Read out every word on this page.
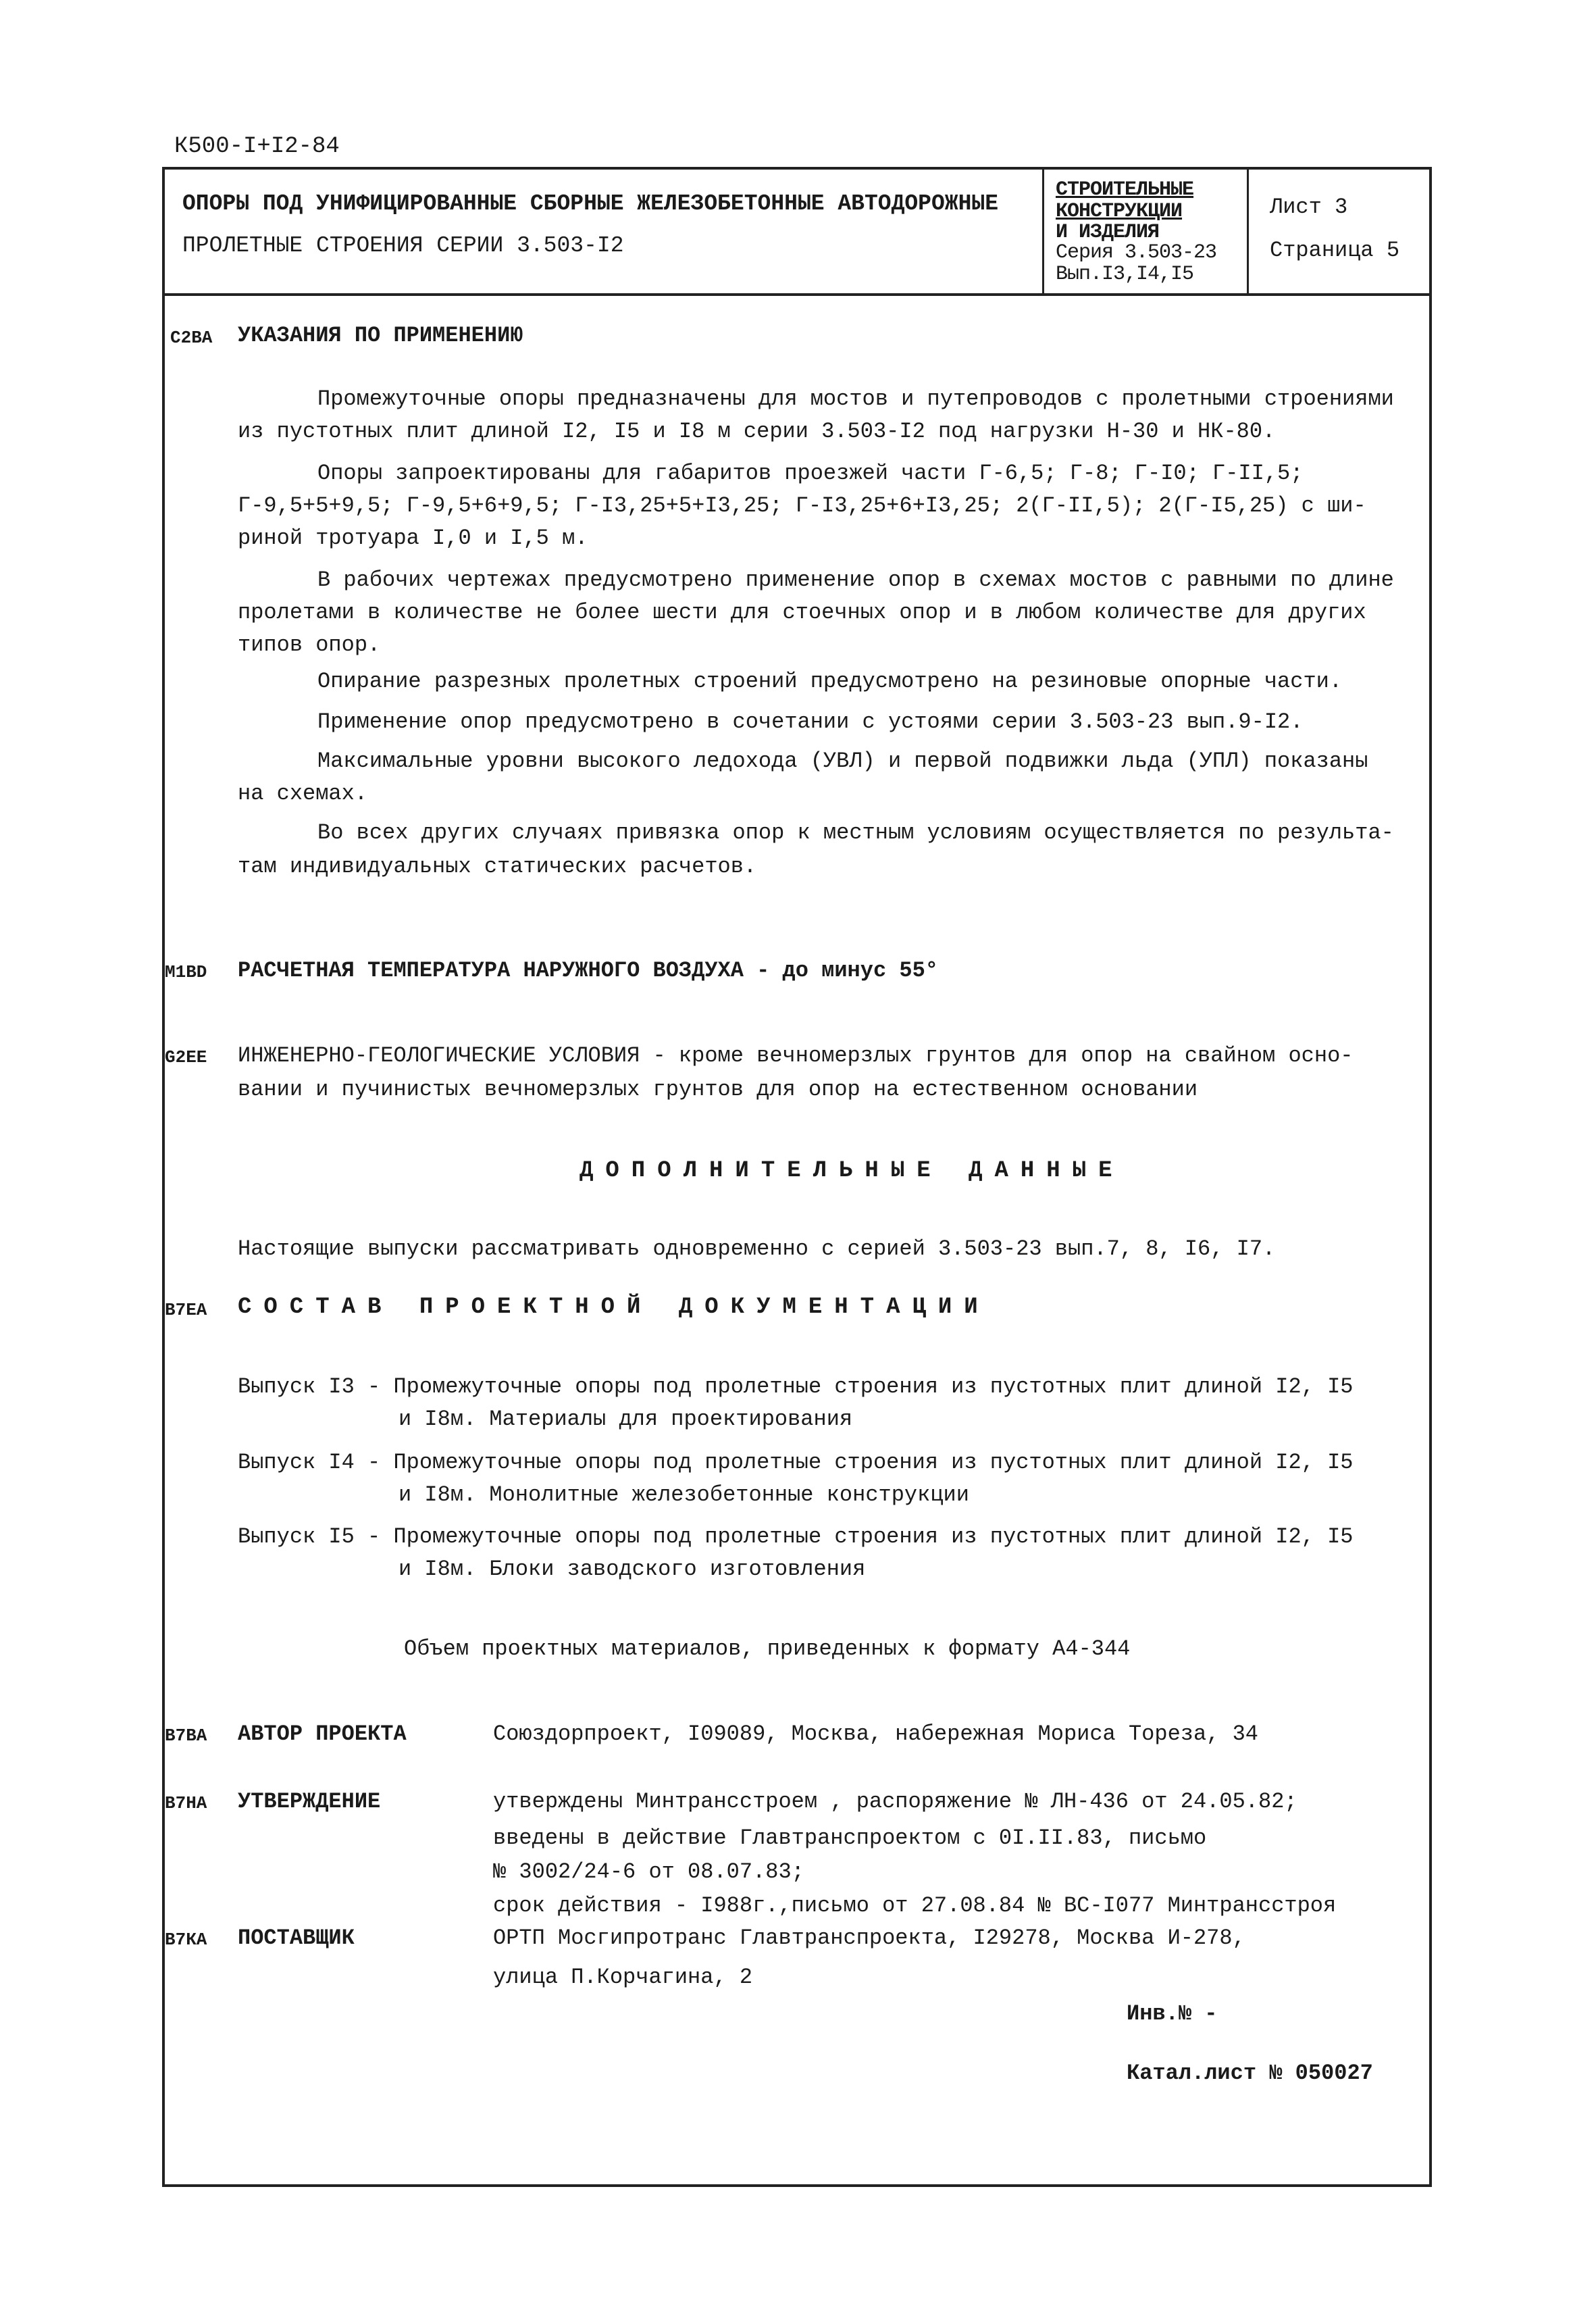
К500-I+I2-84
ОПОРЫ ПОД УНИФИЦИРОВАННЫЕ СБОРНЫЕ ЖЕЛЕЗОБЕТОННЫЕ АВТОДОРОЖНЫЕ
ПРОЛЕТНЫЕ СТРОЕНИЯ СЕРИИ 3.503-I2
СТРОИТЕЛЬНЫЕ
КОНСТРУКЦИИ
И ИЗДЕЛИЯ
Серия 3.503-23
Вып.I3,I4,I5
Лист 3
Страница 5
С2ВА УКАЗАНИЯ ПО ПРИМЕНЕНИЮ
Промежуточные опоры предназначены для мостов и путепроводов с пролетными строениями
из пустотных плит длиной I2, I5 и I8 м серии 3.503-I2 под нагрузки Н-30 и НК-80.
Опоры запроектированы для габаритов проезжей части Г-6,5; Г-8; Г-I0; Г-II,5;
Г-9,5+5+9,5; Г-9,5+6+9,5; Г-I3,25+5+I3,25; Г-I3,25+6+I3,25; 2(Г-II,5); 2(Г-I5,25) с ши-
риной тротуара I,0 и I,5 м.
В рабочих чертежах предусмотрено применение опор в схемах мостов с равными по длине
пролетами в количестве не более шести для стоечных опор и в любом количестве для других
типов опор.
Опирание разрезных пролетных строений предусмотрено на резиновые опорные части.
Применение опор предусмотрено в сочетании с устоями серии 3.503-23 вып.9-I2.
Максимальные уровни высокого ледохода (УВЛ) и первой подвижки льда (УПЛ) показаны
на схемах.
Во всех других случаях привязка опор к местным условиям осуществляется по результа-
там индивидуальных статических расчетов.
М1ВD РАСЧЕТНАЯ ТЕМПЕРАТУРА НАРУЖНОГО ВОЗДУХА - до минус 55°
G2ЕЕ ИНЖЕНЕРНО-ГЕОЛОГИЧЕСКИЕ УСЛОВИЯ - кроме вечномерзлых грунтов для опор на свайном осно-
вании и пучинистых вечномерзлых грунтов для опор на естественном основании
ДОПОЛНИТЕЛЬНЫЕ ДАННЫЕ
Настоящие выпуски рассматривать одновременно с серией 3.503-23 вып.7, 8, I6, I7.
В7ЕА СОСТАВ ПРОЕКТНОЙ ДОКУМЕНТАЦИИ
Выпуск I3 - Промежуточные опоры под пролетные строения из пустотных плит длиной I2, I5
и I8м. Материалы для проектирования
Выпуск I4 - Промежуточные опоры под пролетные строения из пустотных плит длиной I2, I5
и I8м. Монолитные железобетонные конструкции
Выпуск I5 - Промежуточные опоры под пролетные строения из пустотных плит длиной I2, I5
и I8м. Блоки заводского изготовления
Объем проектных материалов, приведенных к формату А4-344
В7ВА АВТОР ПРОЕКТА	Союздорпроект, I09089, Москва, набережная Мориса Тореза, 34
В7НА УТВЕРЖДЕНИЕ	утверждены Минтрансстроем , распоряжение № ЛН-436 от 24.05.82;
введены в действие Главтранспроектом с 0I.II.83, письмо
№ 3002/24-6 от 08.07.83;
срок действия - I988г.,письмо от 27.08.84 № ВС-I077 Минтрансстроя
В7КА ПОСТАВЩИК	ОРТП Мосгипротранс Главтранспроекта, I29278, Москва И-278,
улица П.Корчагина, 2
Инв.№ -
Катал.лист № 050027
